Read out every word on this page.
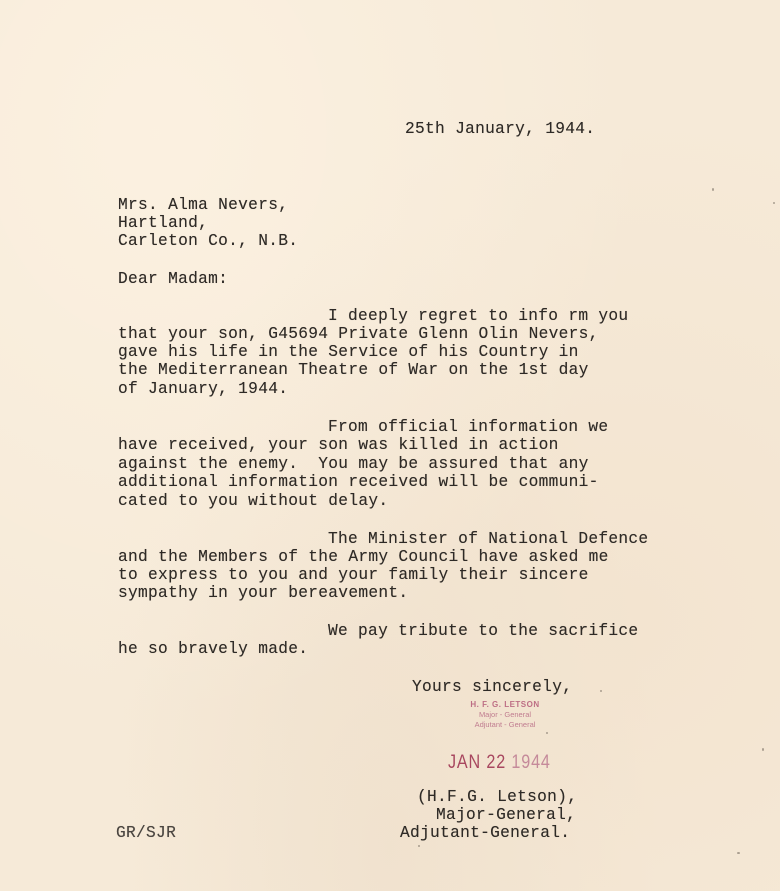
25th January, 1944.
Mrs. Alma Nevers,
Hartland,
Carleton Co., N.B.
Dear Madam:
I deeply regret to info rm you
that your son, G45694 Private Glenn Olin Nevers,
gave his life in the Service of his Country in
the Mediterranean Theatre of War on the 1st day
of January, 1944.
From official information we
have received, your son was killed in action
against the enemy.  You may be assured that any
additional information received will be communi-
cated to you without delay.
The Minister of National Defence
and the Members of the Army Council have asked me
to express to you and your family their sincere
sympathy in your bereavement.
We pay tribute to the sacrifice
he so bravely made.
Yours sincerely,
H. F. G. LETSON
Major - General
Adjutant - General
JAN 22 1944
(H.F.G. Letson),
Major-General,
Adjutant-General.
GR/SJR
